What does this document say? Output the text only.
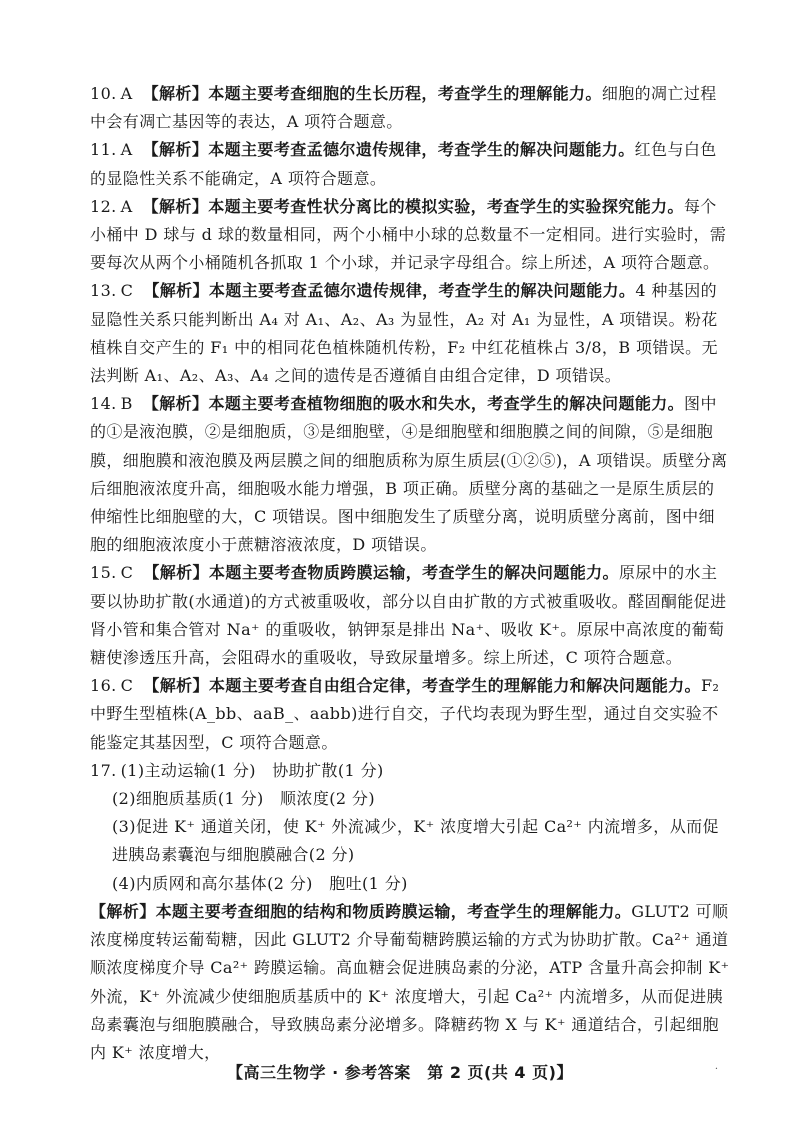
10. A 【解析】本题主要考查细胞的生长历程，考查学生的理解能力。细胞的凋亡过程中会有凋亡基因等的表达，A 项符合题意。

11. A 【解析】本题主要考查孟德尔遗传规律，考查学生的解决问题能力。红色与白色的显隐性关系不能确定，A 项符合题意。

12. A 【解析】本题主要考查性状分离比的模拟实验，考查学生的实验探究能力。每个小桶中 D 球与 d 球的数量相同，两个小桶中小球的总数量不一定相同。进行实验时，需要每次从两个小桶随机各抓取 1 个小球，并记录字母组合。综上所述，A 项符合题意。

13. C 【解析】本题主要考查孟德尔遗传规律，考查学生的解决问题能力。4 种基因的显隐性关系只能判断出 A₄ 对 A₁、A₂、A₃ 为显性，A₂ 对 A₁ 为显性，A 项错误。粉花植株自交产生的 F₁ 中的相同花色植株随机传粉，F₂ 中红花植株占 3/8，B 项错误。无法判断 A₁、A₂、A₃、A₄ 之间的遗传是否遵循自由组合定律，D 项错误。

14. B 【解析】本题主要考查植物细胞的吸水和失水，考查学生的解决问题能力。图中的①是液泡膜，②是细胞质，③是细胞壁，④是细胞壁和细胞膜之间的间隙，⑤是细胞膜，细胞膜和液泡膜及两层膜之间的细胞质称为原生质层(①②⑤)，A 项错误。质壁分离后细胞液浓度升高，细胞吸水能力增强，B 项正确。质壁分离的基础之一是原生质层的伸缩性比细胞壁的大，C 项错误。图中细胞发生了质壁分离，说明质壁分离前，图中细胞的细胞液浓度小于蔗糖溶液浓度，D 项错误。

15. C 【解析】本题主要考查物质跨膜运输，考查学生的解决问题能力。原尿中的水主要以协助扩散(水通道)的方式被重吸收，部分以自由扩散的方式被重吸收。醛固酮能促进肾小管和集合管对 Na⁺ 的重吸收，钠钾泵是排出 Na⁺、吸收 K⁺。原尿中高浓度的葡萄糖使渗透压升高，会阻碍水的重吸收，导致尿量增多。综上所述，C 项符合题意。

16. C 【解析】本题主要考查自由组合定律，考查学生的理解能力和解决问题能力。F₂ 中野生型植株(A_bb、aaB_、aabb)进行自交，子代均表现为野生型，通过自交实验不能鉴定其基因型，C 项符合题意。

17. (1)主动运输(1 分)　协助扩散(1 分)
(2)细胞质基质(1 分)　顺浓度(2 分)
(3)促进 K⁺ 通道关闭，使 K⁺ 外流减少，K⁺ 浓度增大引起 Ca²⁺ 内流增多，从而促进胰岛素囊泡与细胞膜融合(2 分)
(4)内质网和高尔基体(2 分)　胞吐(1 分)
【解析】本题主要考查细胞的结构和物质跨膜运输，考查学生的理解能力。GLUT2 可顺浓度梯度转运葡萄糖，因此 GLUT2 介导葡萄糖跨膜运输的方式为协助扩散。Ca²⁺ 通道顺浓度梯度介导 Ca²⁺ 跨膜运输。高血糖会促进胰岛素的分泌，ATP 含量升高会抑制 K⁺ 外流，K⁺ 外流减少使细胞质基质中的 K⁺ 浓度增大，引起 Ca²⁺ 内流增多，从而促进胰岛素囊泡与细胞膜融合，导致胰岛素分泌增多。降糖药物 X 与 K⁺ 通道结合，引起细胞内 K⁺ 浓度增大，
【高三生物学 · 参考答案　第 2 页(共 4 页)】	·
